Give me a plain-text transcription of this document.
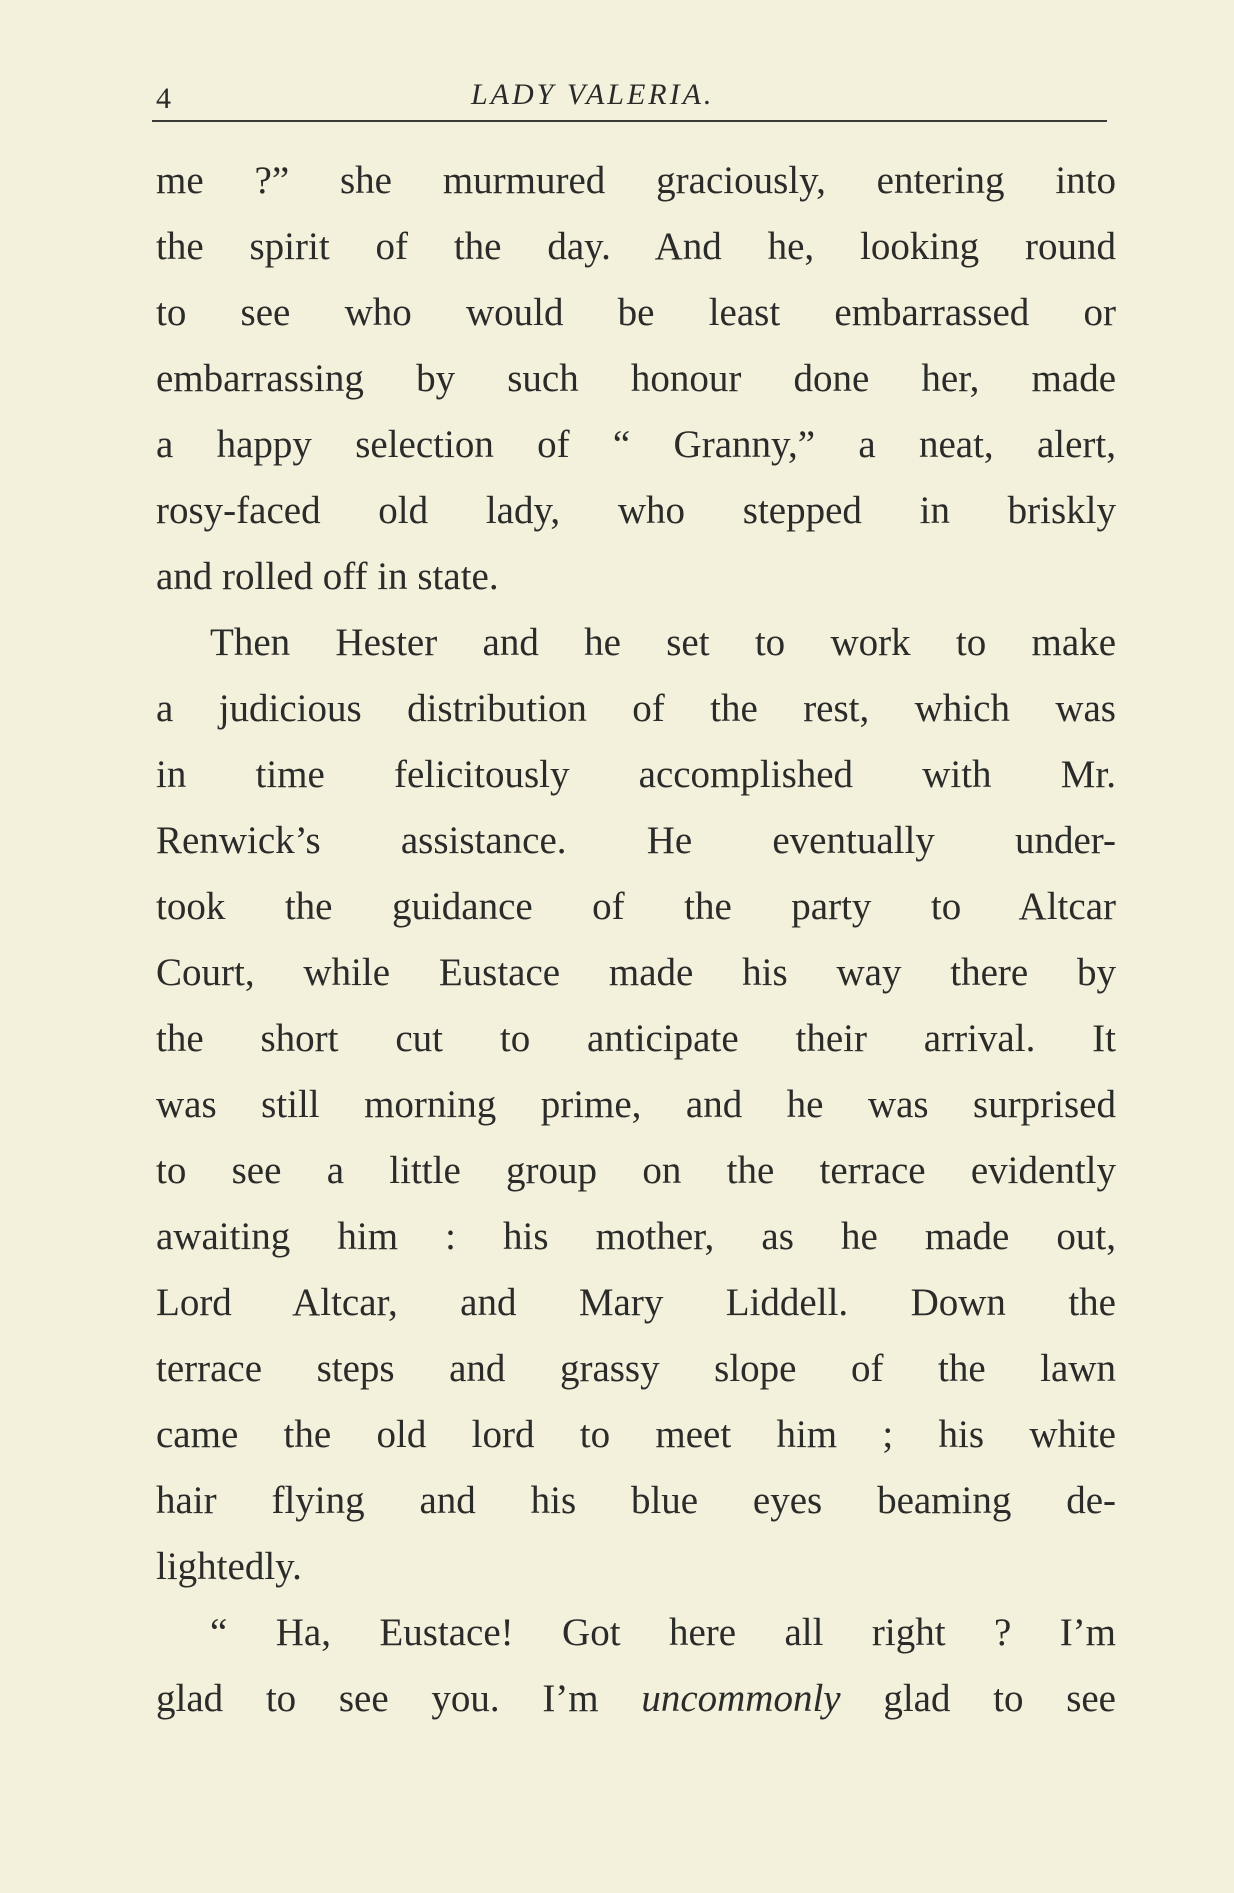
4	LADY VALERIA.
me ?” she murmured graciously, entering into
the spirit of the day. And he, looking round
to see who would be least embarrassed or
embarrassing by such honour done her, made
a happy selection of “ Granny,” a neat, alert,
rosy-faced old lady, who stepped in briskly
and rolled off in state.
Then Hester and he set to work to make
a judicious distribution of the rest, which was
in time felicitously accomplished with Mr.
Renwick’s assistance. He eventually under-
took the guidance of the party to Altcar
Court, while Eustace made his way there by
the short cut to anticipate their arrival. It
was still morning prime, and he was surprised
to see a little group on the terrace evidently
awaiting him : his mother, as he made out,
Lord Altcar, and Mary Liddell. Down the
terrace steps and grassy slope of the lawn
came the old lord to meet him ; his white
hair flying and his blue eyes beaming de-
lightedly.
“ Ha, Eustace! Got here all right ? I’m
glad to see you. I’m uncommonly glad to see
